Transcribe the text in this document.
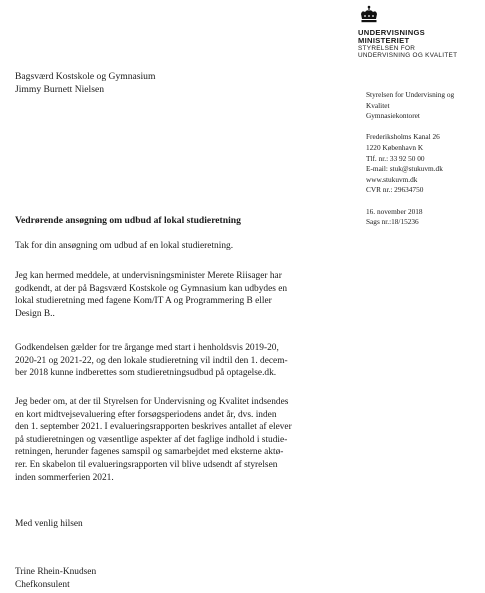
UNDERVISNINGS
MINISTERIET
STYRELSEN FOR
UNDERVISNING OG KVALITET
Bagsværd Kostskole og Gymnasium
Jimmy Burnett Nielsen	Styrelsen for Undervisning og
Kvalitet
Gymnasiekontoret
Frederiksholms Kanal 26
1220 København K
Tlf. nr.: 33 92 50 00
E-mail: stuk@stukuvm.dk
www.stukuvm.dk
CVR nr.: 29634750
16. november 2018
Sags nr.:18/15236
Vedrørende ansøgning om udbud af lokal studieretning
Tak for din ansøgning om udbud af en lokal studieretning.
Jeg kan hermed meddele, at undervisningsminister Merete Riisager har
godkendt, at der på Bagsværd Kostskole og Gymnasium kan udbydes en
lokal studieretning med fagene Kom/IT A og Programmering B eller
Design B..
Godkendelsen gælder for tre årgange med start i henholdsvis 2019-20,
2020-21 og 2021-22, og den lokale studieretning vil indtil den 1. decem-
ber 2018 kunne indberettes som studieretningsudbud på optagelse.dk.
Jeg beder om, at der til Styrelsen for Undervisning og Kvalitet indsendes
en kort midtvejsevaluering efter forsøgsperiodens andet år, dvs. inden
den 1. september 2021. I evalueringsrapporten beskrives antallet af elever
på studieretningen og væsentlige aspekter af det faglige indhold i studie-
retningen, herunder fagenes samspil og samarbejdet med eksterne aktø-
rer. En skabelon til evalueringsrapporten vil blive udsendt af styrelsen
inden sommerferien 2021.
Med venlig hilsen
Trine Rhein-Knudsen
Chefkonsulent
